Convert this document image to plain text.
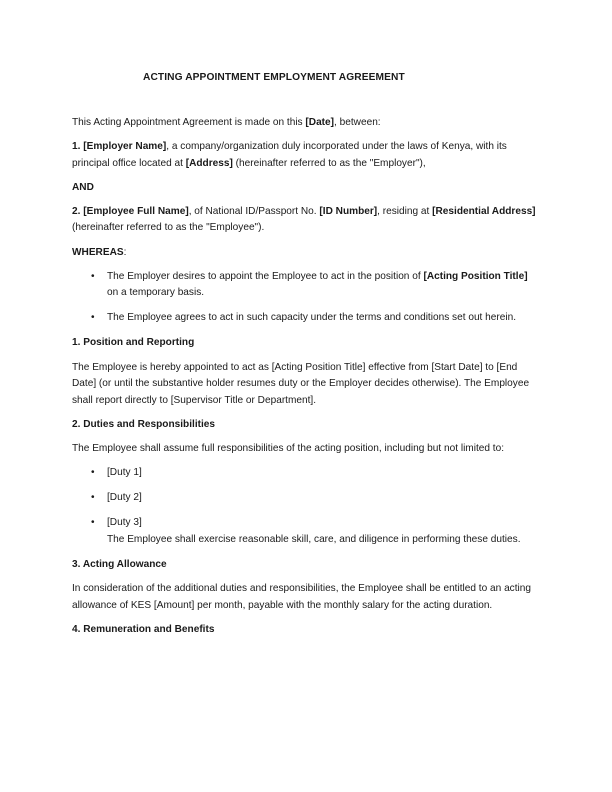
ACTING APPOINTMENT EMPLOYMENT AGREEMENT

This Acting Appointment Agreement is made on this [Date], between:

1. [Employer Name], a company/organization duly incorporated under the laws of Kenya, with its principal office located at [Address] (hereinafter referred to as the "Employer"),

AND

2. [Employee Full Name], of National ID/Passport No. [ID Number], residing at [Residential Address] (hereinafter referred to as the "Employee").

WHEREAS:

• The Employer desires to appoint the Employee to act in the position of [Acting Position Title] on a temporary basis.
• The Employee agrees to act in such capacity under the terms and conditions set out herein.

1. Position and Reporting

The Employee is hereby appointed to act as [Acting Position Title] effective from [Start Date] to [End Date] (or until the substantive holder resumes duty or the Employer decides otherwise). The Employee shall report directly to [Supervisor Title or Department].

2. Duties and Responsibilities

The Employee shall assume full responsibilities of the acting position, including but not limited to:

• [Duty 1]
• [Duty 2]
• [Duty 3]
The Employee shall exercise reasonable skill, care, and diligence in performing these duties.

3. Acting Allowance

In consideration of the additional duties and responsibilities, the Employee shall be entitled to an acting allowance of KES [Amount] per month, payable with the monthly salary for the acting duration.

4. Remuneration and Benefits
